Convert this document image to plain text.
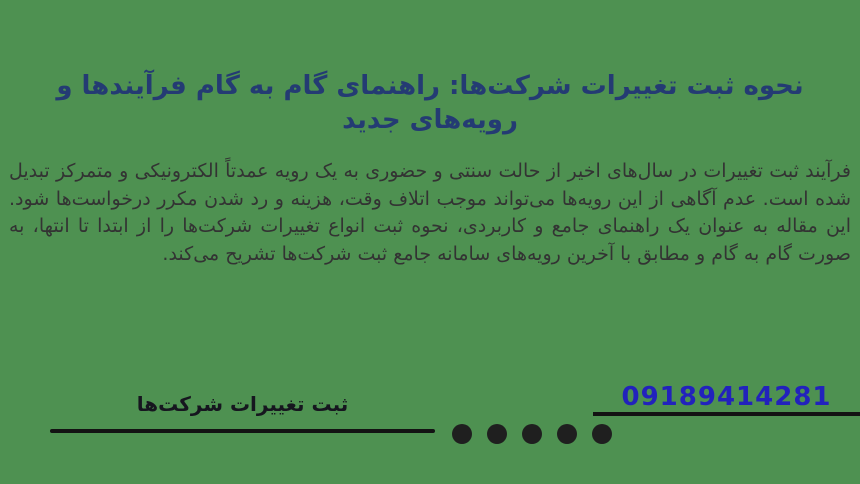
نحوه ثبت تغییرات شرکت‌ها: راهنمای گام به گام فرآیندها و رویه‌های جدید

فرآیند ثبت تغییرات در سال‌های اخیر از حالت سنتی و حضوری به یک رویه عمدتاً الکترونیکی و متمرکز تبدیل شده است. عدم آگاهی از این رویه‌ها می‌تواند موجب اتلاف وقت، هزینه و رد شدن مکرر درخواست‌ها شود. این مقاله به عنوان یک راهنمای جامع و کاربردی، نحوه ثبت انواع تغییرات شرکت‌ها را از ابتدا تا انتها، به صورت گام به گام و مطابق با آخرین رویه‌های سامانه جامع ثبت شرکت‌ها تشریح می‌کند.

ثبت تغییرات شرکت‌ها	09189414281
